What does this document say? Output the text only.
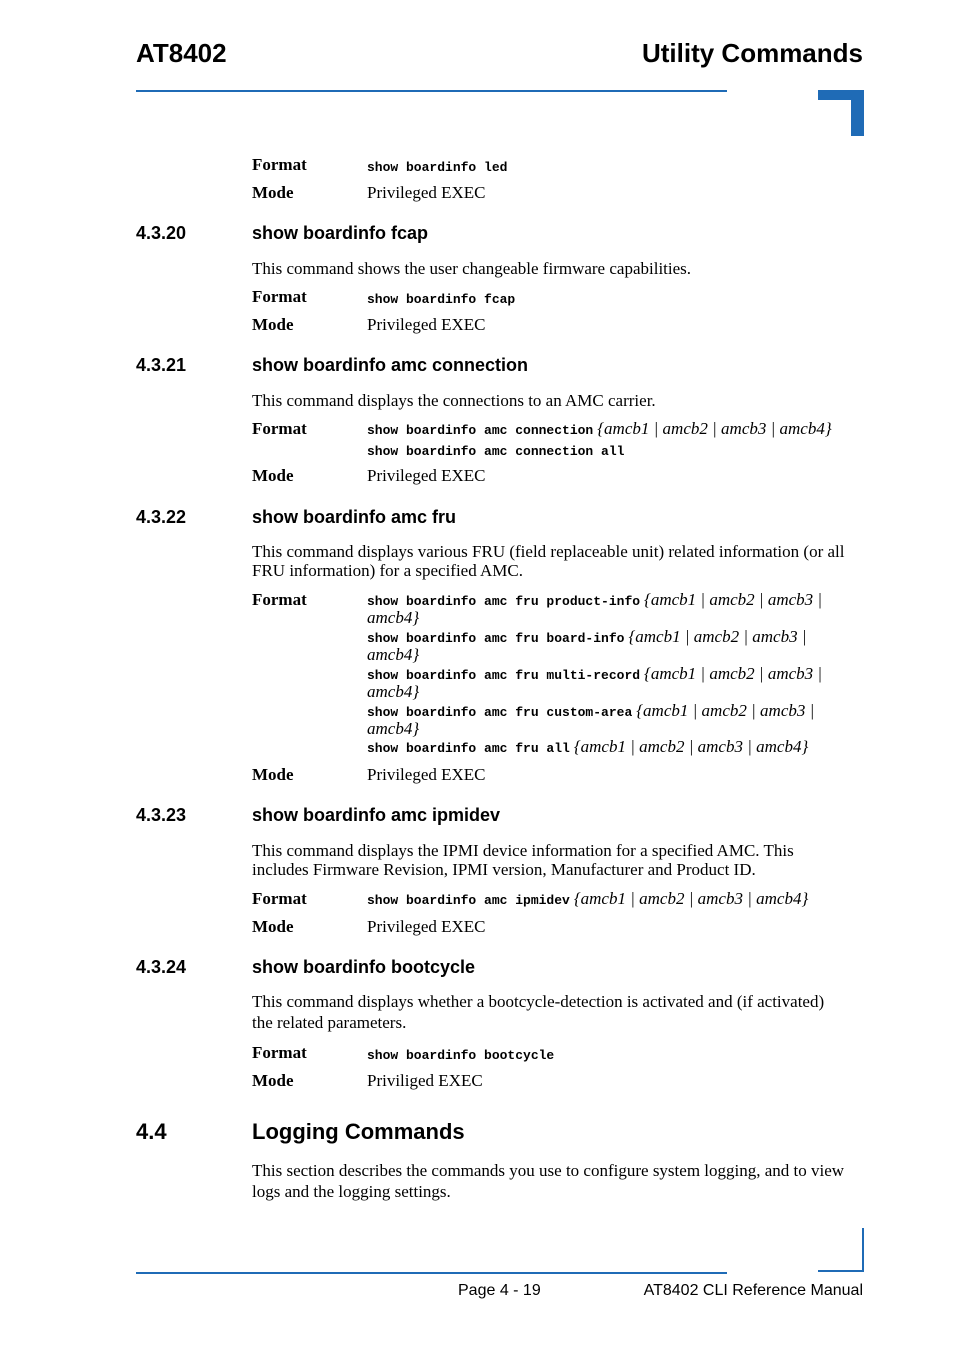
AT8402	Utility Commands
Format	show boardinfo led
Mode	Privileged EXEC
4.3.20	show boardinfo fcap
This command shows the user changeable firmware capabilities.
Format	show boardinfo fcap
Mode	Privileged EXEC
4.3.21	show boardinfo amc connection
This command displays the connections to an AMC carrier.
Format	show boardinfo amc connection {amcb1 | amcb2 | amcb3 | amcb4}
show boardinfo amc connection all
Mode	Privileged EXEC
4.3.22	show boardinfo amc fru
This command displays various FRU (field replaceable unit) related information (or all
FRU information) for a specified AMC.
Format	show boardinfo amc fru product-info {amcb1 | amcb2 | amcb3 |
amcb4}
show boardinfo amc fru board-info {amcb1 | amcb2 | amcb3 |
amcb4}
show boardinfo amc fru multi-record {amcb1 | amcb2 | amcb3 |
amcb4}
show boardinfo amc fru custom-area {amcb1 | amcb2 | amcb3 |
amcb4}
show boardinfo amc fru all {amcb1 | amcb2 | amcb3 | amcb4}
Mode	Privileged EXEC
4.3.23	show boardinfo amc ipmidev
This command displays the IPMI device information for a specified AMC. This
includes Firmware Revision, IPMI version, Manufacturer and Product ID.
Format	show boardinfo amc ipmidev {amcb1 | amcb2 | amcb3 | amcb4}
Mode	Privileged EXEC
4.3.24	show boardinfo bootcycle
This command displays whether a bootcycle-detection is activated and (if activated)
the related parameters.
Format	show boardinfo bootcycle
Mode	Priviliged EXEC
4.4	Logging Commands
This section describes the commands you use to configure system logging, and to view
logs and the logging settings.
Page 4 - 19	AT8402 CLI Reference Manual
